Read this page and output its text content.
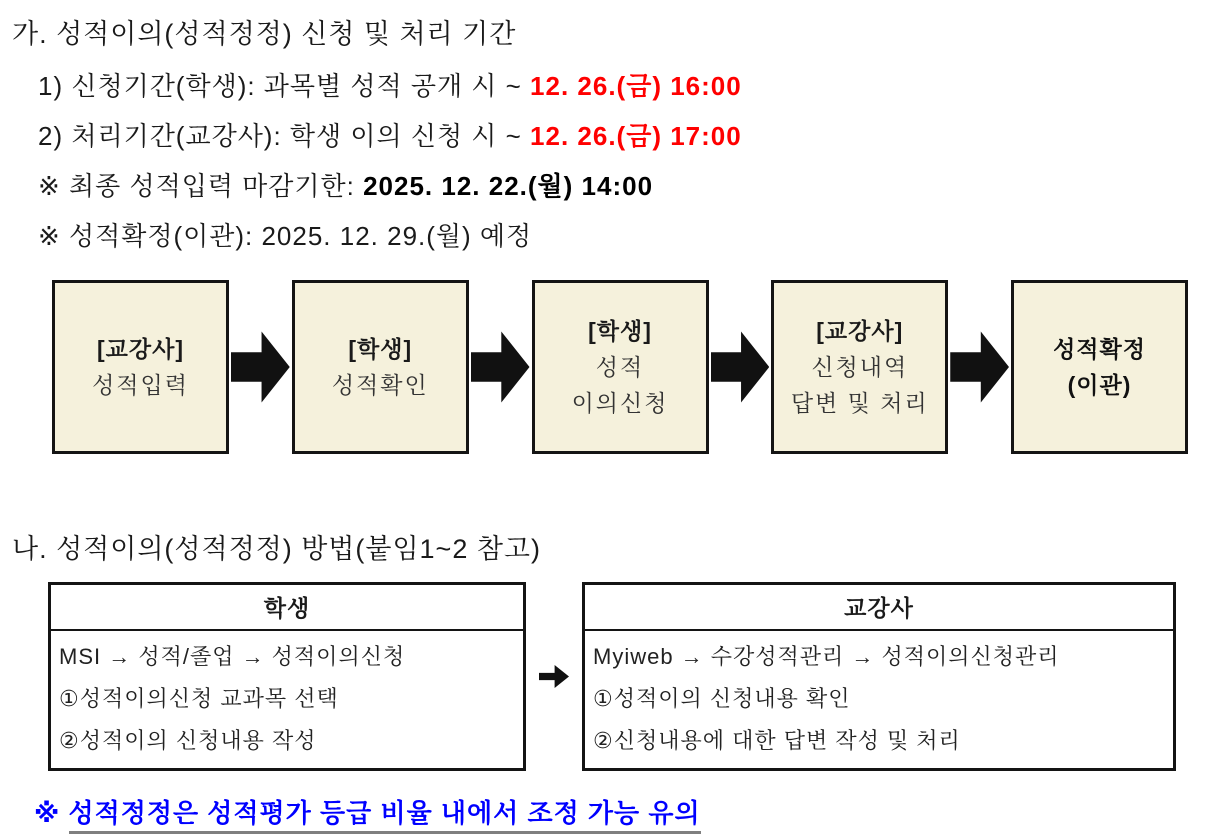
가. 성적이의(성적정정) 신청 및 처리 기간
1) 신청기간(학생): 과목별 성적 공개 시 ~ 12. 26.(금) 16:00
2) 처리기간(교강사): 학생 이의 신청 시 ~ 12. 26.(금) 17:00
※ 최종 성적입력 마감기한: 2025. 12. 22.(월) 14:00
※ 성적확정(이관): 2025. 12. 29.(월) 예정
[교강사]
성적입력
[학생]
성적확인
[학생]
성적
이의신청
[교강사]
신청내역
답변 및 처리
성적확정
(이관)
나. 성적이의(성적정정) 방법(붙임1~2 참고)
학생
MSI → 성적/졸업 → 성적이의신청
①성적이의신청 교과목 선택
②성적이의 신청내용 작성
교강사
Myiweb → 수강성적관리 → 성적이의신청관리
①성적이의 신청내용 확인
②신청내용에 대한 답변 작성 및 처리
※ 성적정정은 성적평가 등급 비율 내에서 조정 가능 유의
